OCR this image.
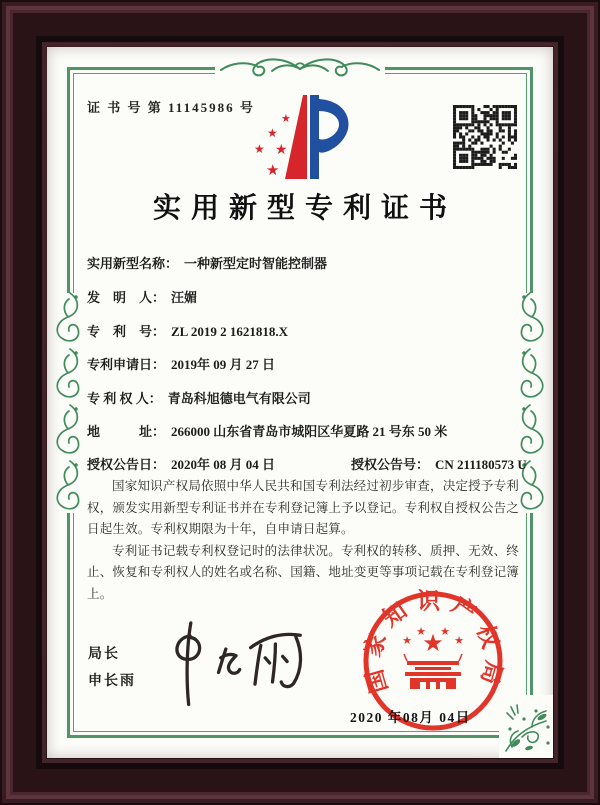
证 书 号 第 11145986 号
★
★
★ ★
★
实用新型专利证书
实用新型名称： 一种新型定时智能控制器
发　明　人： 汪媚
专　利　号： ZL 2019 2 1621818.X
专利申请日： 2019年 09 月 27 日
专 利 权 人： 青岛科旭德电气有限公司
地　　　址： 266000 山东省青岛市城阳区华夏路 21 号东 50 米
授权公告日： 2020年 08 月 04 日	授权公告号： CN 211180573 U

国家知识产权局依照中华人民共和国专利法经过初步审查，决定授予专利权，颁发实用新型专利证书并在专利登记簿上予以登记。专利权自授权公告之日起生效。专利权期限为十年，自申请日起算。

专利证书记载专利权登记时的法律状况。专利权的转移、质押、无效、终止、恢复和专利权人的姓名或名称、国籍、地址变更等事项记载在专利登记簿上。

局长
申长雨	国家知识产权局
★
★
★ ★
★
2020 年08月 04日
